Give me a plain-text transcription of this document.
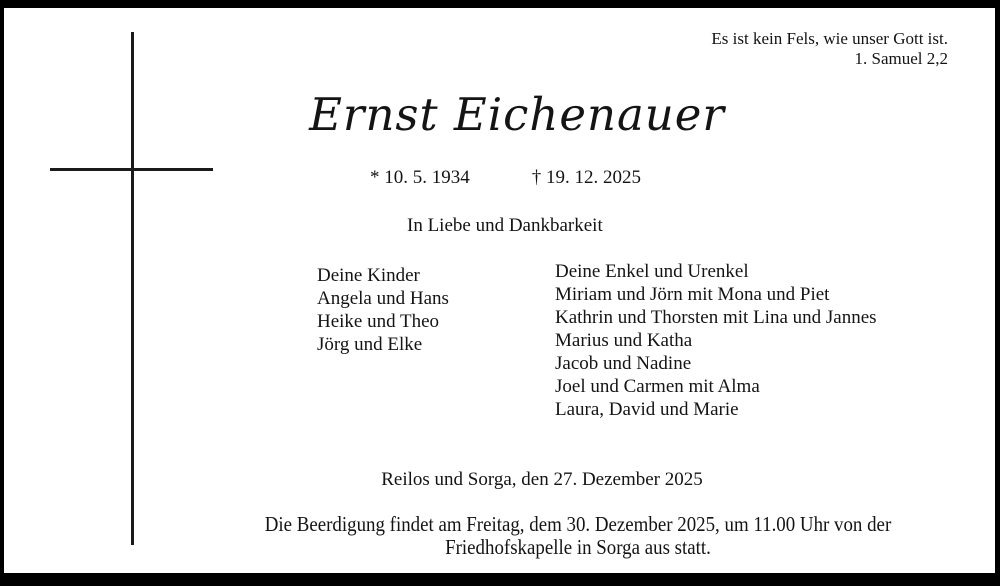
Es ist kein Fels, wie unser Gott ist.
1. Samuel 2,2
Ernst Eichenauer
* 10. 5. 1934	† 19. 12. 2025
In Liebe und Dankbarkeit
Deine Kinder
Angela und Hans
Heike und Theo
Jörg und Elke
Deine Enkel und Urenkel
Miriam und Jörn mit Mona und Piet
Kathrin und Thorsten mit Lina und Jannes
Marius und Katha
Jacob und Nadine
Joel und Carmen mit Alma
Laura, David und Marie
Reilos und Sorga, den 27. Dezember 2025
Die Beerdigung findet am Freitag, dem 30. Dezember 2025, um 11.00 Uhr von der
Friedhofskapelle in Sorga aus statt.
